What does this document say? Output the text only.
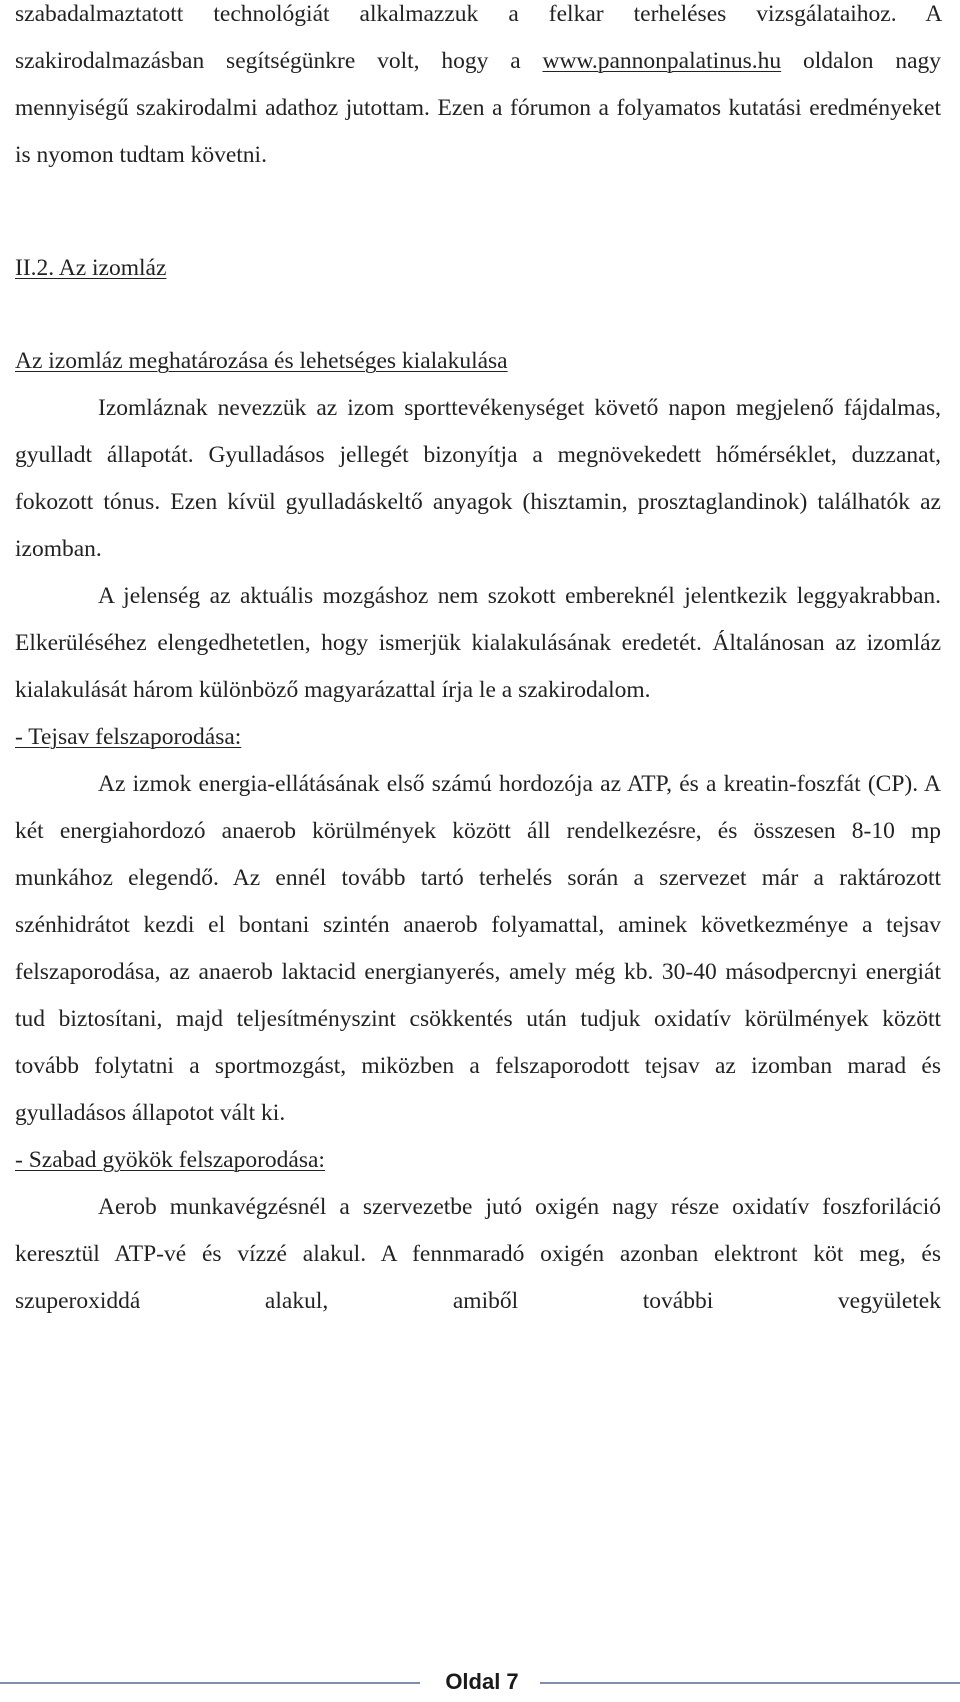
szabadalmaztatott technológiát alkalmazzuk a felkar terheléses vizsgálataihoz. A szakirodalmazásban segítségünkre volt, hogy a www.pannonpalatinus.hu oldalon nagy mennyiségű szakirodalmi adathoz jutottam. Ezen a fórumon a folyamatos kutatási eredményeket is nyomon tudtam követni.

II.2. Az izomláz

Az izomláz meghatározása és lehetséges kialakulása

Izomláznak nevezzük az izom sporttevékenységet követő napon megjelenő fájdalmas, gyulladt állapotát. Gyulladásos jellegét bizonyítja a megnövekedett hőmérséklet, duzzanat, fokozott tónus. Ezen kívül gyulladáskeltő anyagok (hisztamin, prosztaglandinok) találhatók az izomban.

A jelenség az aktuális mozgáshoz nem szokott embereknél jelentkezik leggyakrabban. Elkerüléséhez elengedhetetlen, hogy ismerjük kialakulásának eredetét. Általánosan az izomláz kialakulását három különböző magyarázattal írja le a szakirodalom.

- Tejsav felszaporodása:

Az izmok energia-ellátásának első számú hordozója az ATP, és a kreatin-foszfát (CP). A két energiahordozó anaerob körülmények között áll rendelkezésre, és összesen 8-10 mp munkához elegendő. Az ennél tovább tartó terhelés során a szervezet már a raktározott szénhidrátot kezdi el bontani szintén anaerob folyamattal, aminek következménye a tejsav felszaporodása, az anaerob laktacid energianyerés, amely még kb. 30-40 másodpercnyi energiát tud biztosítani, majd teljesítményszint csökkentés után tudjuk oxidatív körülmények között tovább folytatni a sportmozgást, miközben a felszaporodott tejsav az izomban marad és gyulladásos állapotot vált ki.

- Szabad gyökök felszaporodása:

Aerob munkavégzésnél a szervezetbe jutó oxigén nagy része oxidatív foszforiláció keresztül ATP-vé és vízzé alakul. A fennmaradó oxigén azonban elektront köt meg, és szuperoxiddá alakul, amiből további vegyületek

Oldal 7
